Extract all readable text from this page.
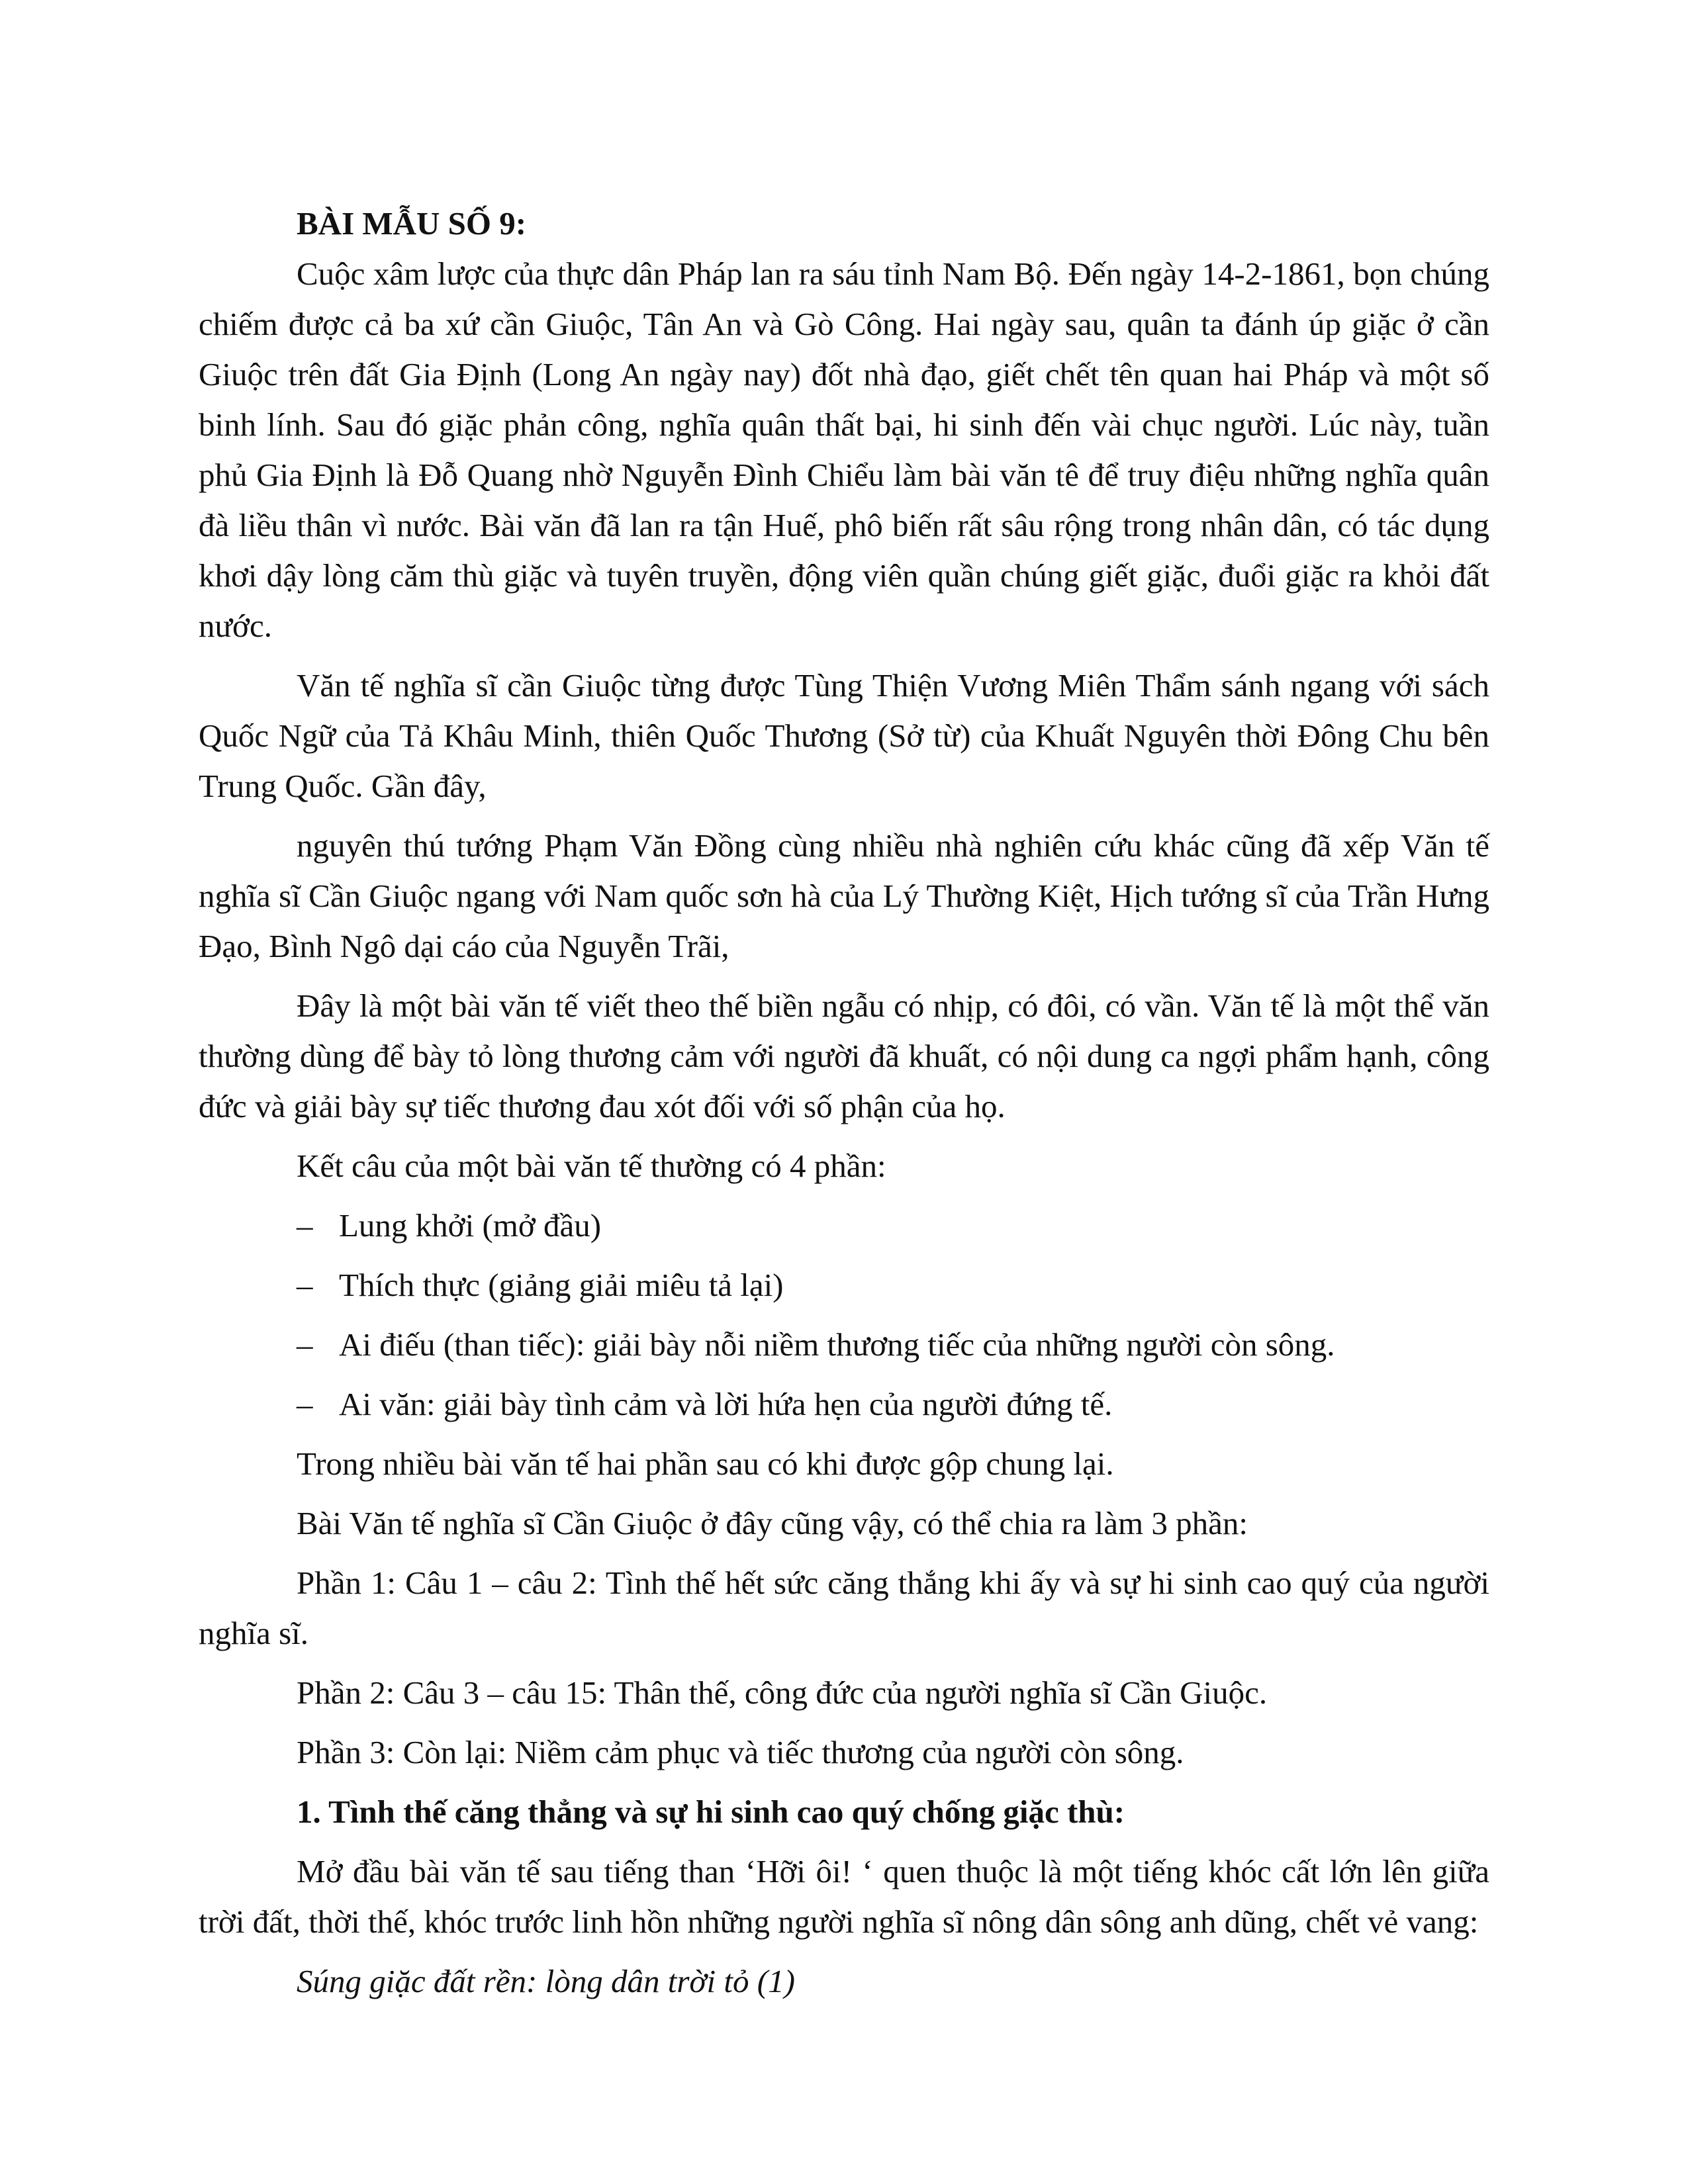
BÀI MẪU SỐ 9:

Cuộc xâm lược của thực dân Pháp lan ra sáu tỉnh Nam Bộ. Đến ngày 14-2-1861, bọn chúng chiếm được cả ba xứ cần Giuộc, Tân An và Gò Công. Hai ngày sau, quân ta đánh úp giặc ở cần Giuộc trên đất Gia Định (Long An ngày nay) đốt nhà đạo, giết chết tên quan hai Pháp và một số binh lính. Sau đó giặc phản công, nghĩa quân thất bại, hi sinh đến vài chục người. Lúc này, tuần phủ Gia Định là Đỗ Quang nhờ Nguyễn Đình Chiểu làm bài văn tê để truy điệu những nghĩa quân đà liều thân vì nước. Bài văn đã lan ra tận Huế, phô biến rất sâu rộng trong nhân dân, có tác dụng khơi dậy lòng căm thù giặc và tuyên truyền, động viên quần chúng giết giặc, đuổi giặc ra khỏi đất nước.

Văn tế nghĩa sĩ cần Giuộc từng được Tùng Thiện Vương Miên Thẩm sánh ngang với sách Quốc Ngữ của Tả Khâu Minh, thiên Quốc Thương (Sở từ) của Khuất Nguyên thời Đông Chu bên Trung Quốc. Gần đây,

nguyên thú tướng Phạm Văn Đồng cùng nhiều nhà nghiên cứu khác cũng đã xếp Văn tế nghĩa sĩ Cần Giuộc ngang với Nam quốc sơn hà của Lý Thường Kiệt, Hịch tướng sĩ của Trần Hưng Đạo, Bình Ngô dại cáo của Nguyễn Trãi,

Đây là một bài văn tế viết theo thế biền ngẫu có nhịp, có đôi, có vần. Văn tế là một thể văn thường dùng để bày tỏ lòng thương cảm với người đã khuất, có nội dung ca ngợi phẩm hạnh, công đức và giải bày sự tiếc thương đau xót đối với số phận của họ.

Kết câu của một bài văn tế thường có 4 phần:

– Lung khởi (mở đầu)
– Thích thực (giảng giải miêu tả lại)
– Ai điếu (than tiếc): giải bày nỗi niềm thương tiếc của những người còn sông.
– Ai văn: giải bày tình cảm và lời hứa hẹn của người đứng tế.

Trong nhiều bài văn tế hai phần sau có khi được gộp chung lại.

Bài Văn tế nghĩa sĩ Cần Giuộc ở đây cũng vậy, có thể chia ra làm 3 phần:

Phần 1: Câu 1 – câu 2: Tình thế hết sức căng thắng khi ấy và sự hi sinh cao quý của người nghĩa sĩ.

Phần 2: Câu 3 – câu 15: Thân thế, công đức của người nghĩa sĩ Cần Giuộc.

Phần 3: Còn lại: Niềm cảm phục và tiếc thương của người còn sông.

1. Tình thế căng thẳng và sự hi sinh cao quý chống giặc thù:

Mở đầu bài văn tế sau tiếng than ‘Hỡi ôi! ‘ quen thuộc là một tiếng khóc cất lớn lên giữa trời đất, thời thế, khóc trước linh hồn những người nghĩa sĩ nông dân sông anh dũng, chết vẻ vang:

Súng giặc đất rền: lòng dân trời tỏ (1)
